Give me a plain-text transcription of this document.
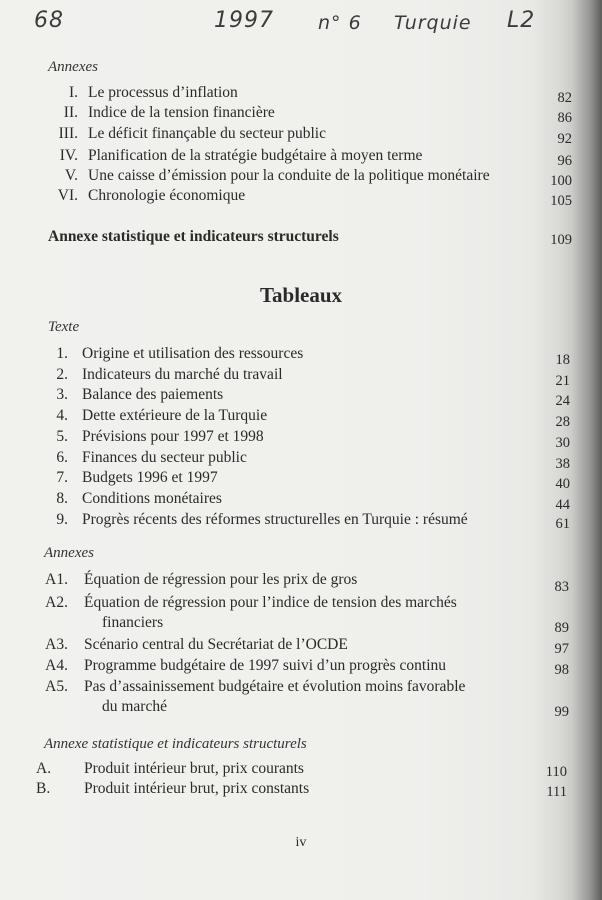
68	1997 n° 6 Turquie L2
Annexes
I. Le processus d’inflation	82
II. Indice de la tension financière	86
III. Le déficit finançable du secteur public	92
IV. Planification de la stratégie budgétaire à moyen terme	96
V. Une caisse d’émission pour la conduite de la politique monétaire	100
VI. Chronologie économique	105
Annexe statistique et indicateurs structurels	109
Tableaux
Texte
1. Origine et utilisation des ressources	18
2. Indicateurs du marché du travail	21
3. Balance des paiements	24
4. Dette extérieure de la Turquie	28
5. Prévisions pour 1997 et 1998	30
6. Finances du secteur public	38
7. Budgets 1996 et 1997	40
8. Conditions monétaires	44
9. Progrès récents des réformes structurelles en Turquie : résumé	61
Annexes
A1. Équation de régression pour les prix de gros	83
A2. Équation de régression pour l’indice de tension des marchés
financiers	89
A3. Scénario central du Secrétariat de l’OCDE	97
A4. Programme budgétaire de 1997 suivi d’un progrès continu	98
A5. Pas d’assainissement budgétaire et évolution moins favorable
du marché	99
Annexe statistique et indicateurs structurels
A.	Produit intérieur brut, prix courants	110
B.	Produit intérieur brut, prix constants	111
iv
